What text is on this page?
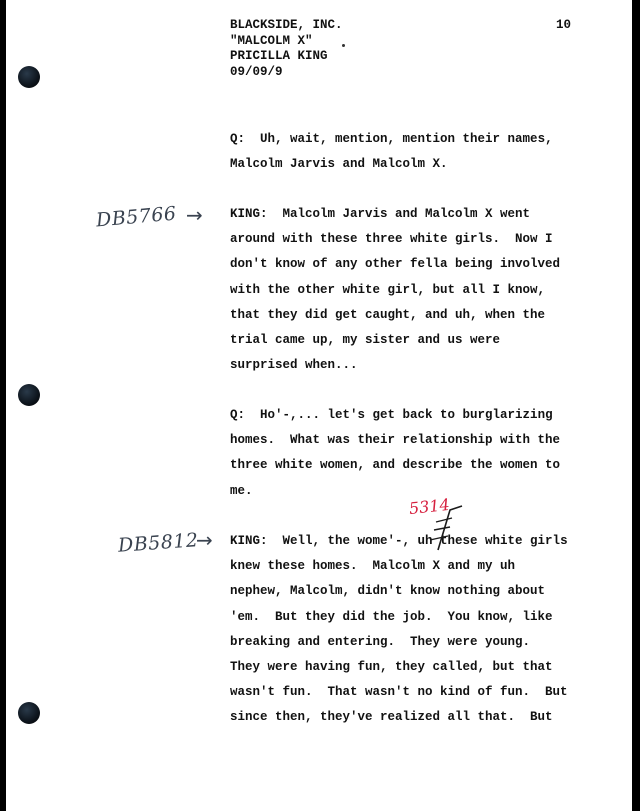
BLACKSIDE, INC.
"MALCOLM X"
PRICILLA KING
09/09/9
10
Q:  Uh, wait, mention, mention their names,
Malcolm Jarvis and Malcolm X.
KING:  Malcolm Jarvis and Malcolm X went
around with these three white girls.  Now I
don't know of any other fella being involved
with the other white girl, but all I know,
that they did get caught, and uh, when the
trial came up, my sister and us were
surprised when...
Q:  Ho'-,... let's get back to burglarizing
homes.  What was their relationship with the
three white women, and describe the women to
me.
KING:  Well, the wome'-, uh these white girls
knew these homes.  Malcolm X and my uh
nephew, Malcolm, didn't know nothing about
'em.  But they did the job.  You know, like
breaking and entering.  They were young.
They were having fun, they called, but that
wasn't fun.  That wasn't no kind of fun.  But
since then, they've realized all that.  But
DB5766 →
DB5812
→
5314
